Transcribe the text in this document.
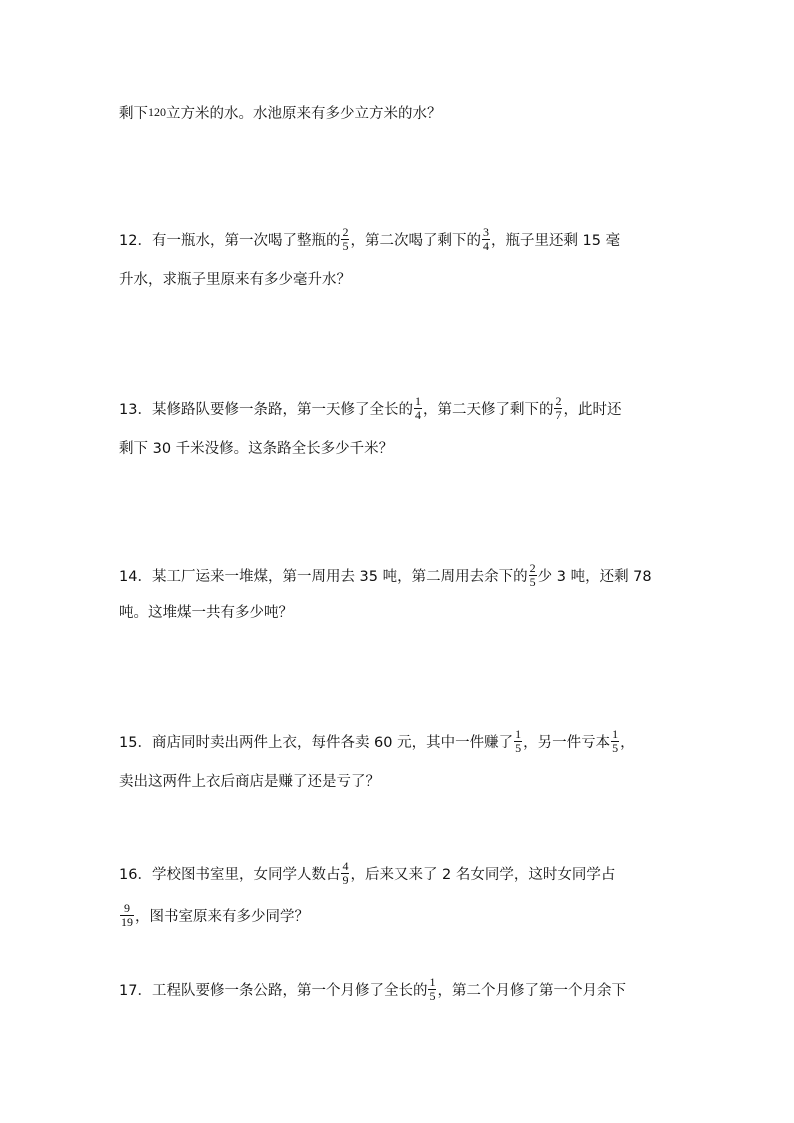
剩下 120 立方米的水。水池原来有多少立方米的水？
12．有一瓶水，第一次喝了整瓶的 $\frac{2}{5}$ ，第二次喝了剩下的 $\frac{3}{4}$ ，瓶子里还剩 15 毫
升水，求瓶子里原来有多少毫升水？
13．某修路队要修一条路，第一天修了全长的 $\frac{1}{4}$ ，第二天修了剩下的 $\frac{2}{7}$ ，此时还
剩下 30 千米没修。这条路全长多少千米？
14．某工厂运来一堆煤，第一周用去 35 吨，第二周用去余下的 $\frac{2}{5}$ 少 3 吨，还剩 78
吨。这堆煤一共有多少吨？
15．商店同时卖出两件上衣，每件各卖 60 元，其中一件赚了 $\frac{1}{5}$ ，另一件亏本 $\frac{1}{5}$ ，
卖出这两件上衣后商店是赚了还是亏了？
16．学校图书室里，女同学人数占 $\frac{4}{9}$ ，后来又来了 2 名女同学，这时女同学占
$\frac{9}{19}$ ，图书室原来有多少同学？
17．工程队要修一条公路，第一个月修了全长的 $\frac{1}{5}$ ，第二个月修了第一个月余下
